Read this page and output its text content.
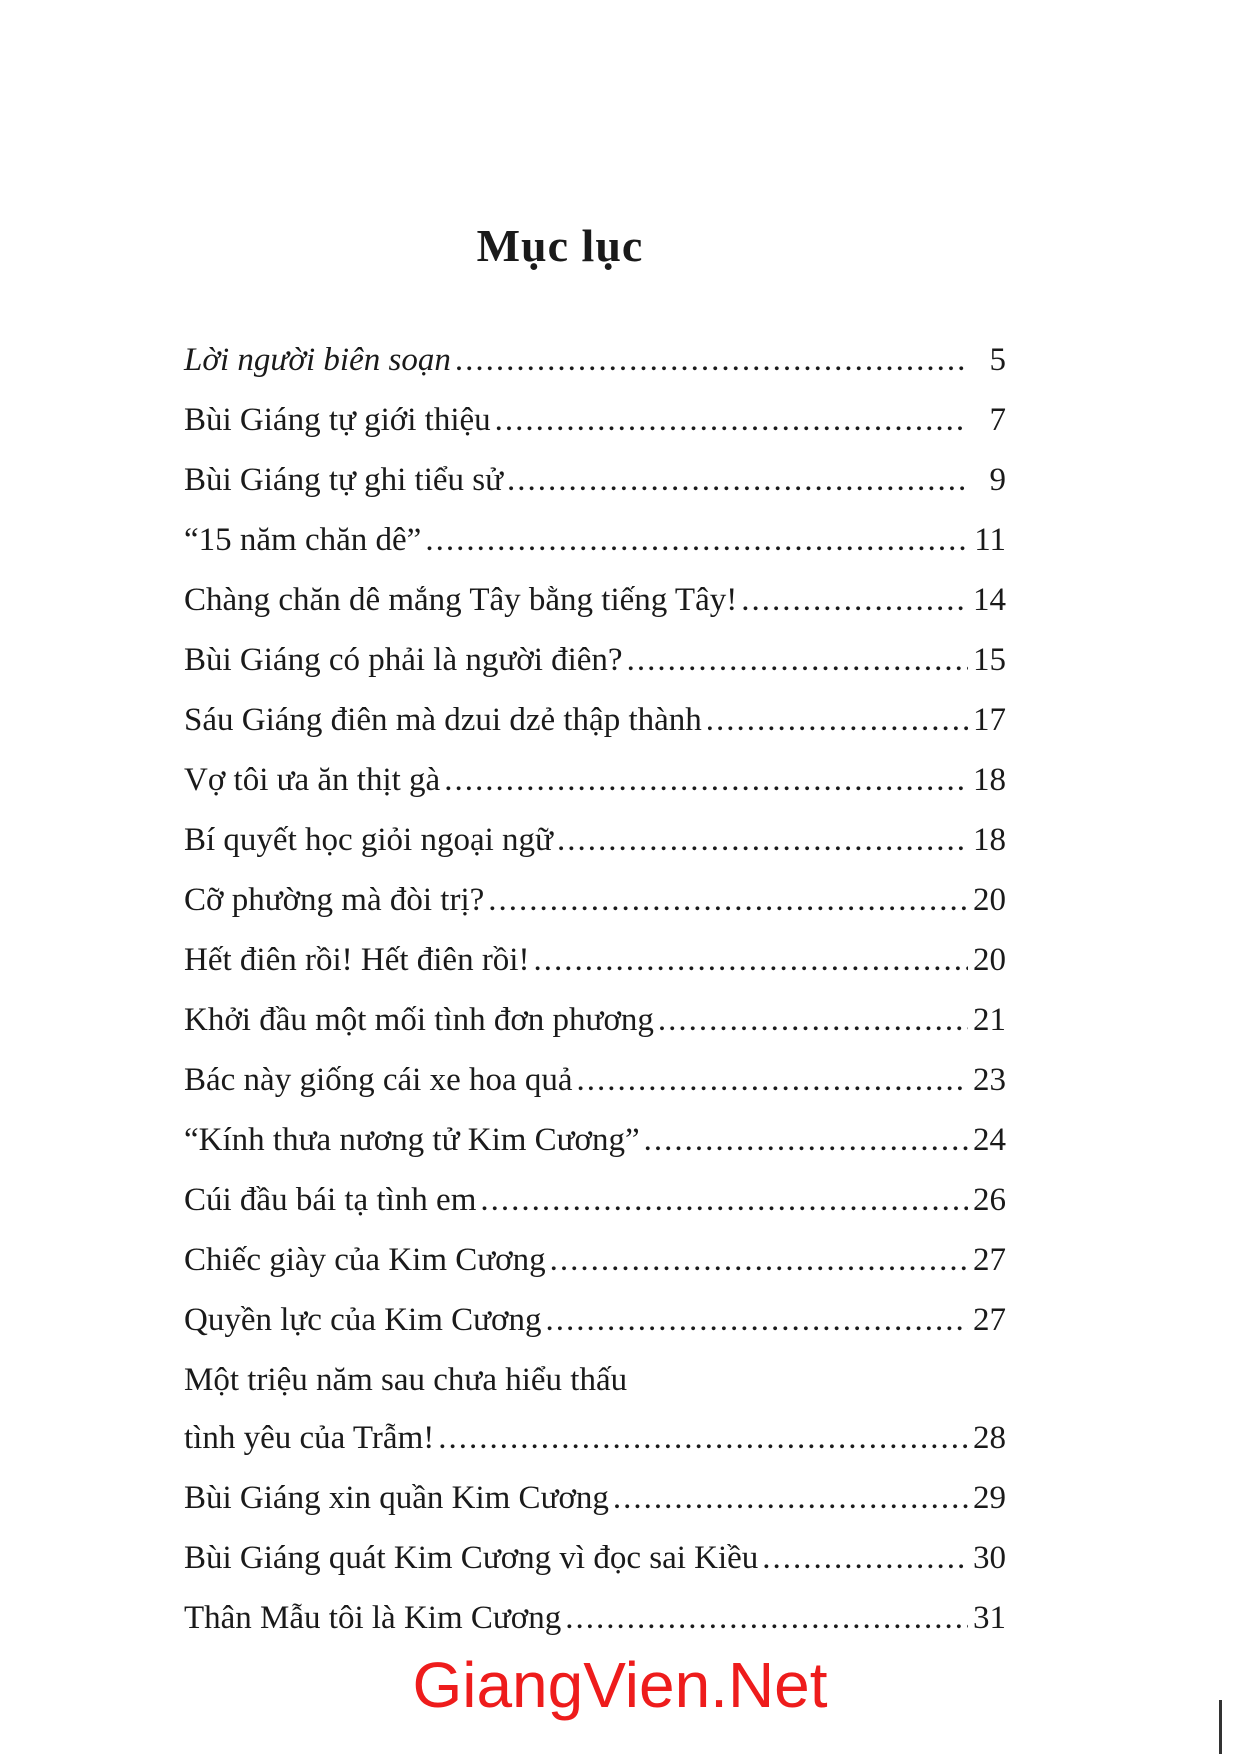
Mục lục
Lời người biên soạn .....	5
Bùi Giáng tự giới thiệu .....	7
Bùi Giáng tự ghi tiểu sử .....	9
“15 năm chăn dê” .....	11
Chàng chăn dê mắng Tây bằng tiếng Tây! .....	14
Bùi Giáng có phải là người điên? .....	15
Sáu Giáng điên mà dzui dzẻ thập thành .....	17
Vợ tôi ưa ăn thịt gà .....	18
Bí quyết học giỏi ngoại ngữ .....	18
Cỡ phường mà đòi trị? .....	20
Hết điên rồi! Hết điên rồi! .....	20
Khởi đầu một mối tình đơn phương .....	21
Bác này giống cái xe hoa quả .....	23
“Kính thưa nương tử Kim Cương” .....	24
Cúi đầu bái tạ tình em .....	26
Chiếc giày của Kim Cương .....	27
Quyền lực của Kim Cương .....	27
Một triệu năm sau chưa hiểu thấu
tình yêu của Trẫm! .....	28
Bùi Giáng xin quần Kim Cương .....	29
Bùi Giáng quát Kim Cương vì đọc sai Kiều .....	30
Thân Mẫu tôi là Kim Cương .....	31
GiangVien.Net
